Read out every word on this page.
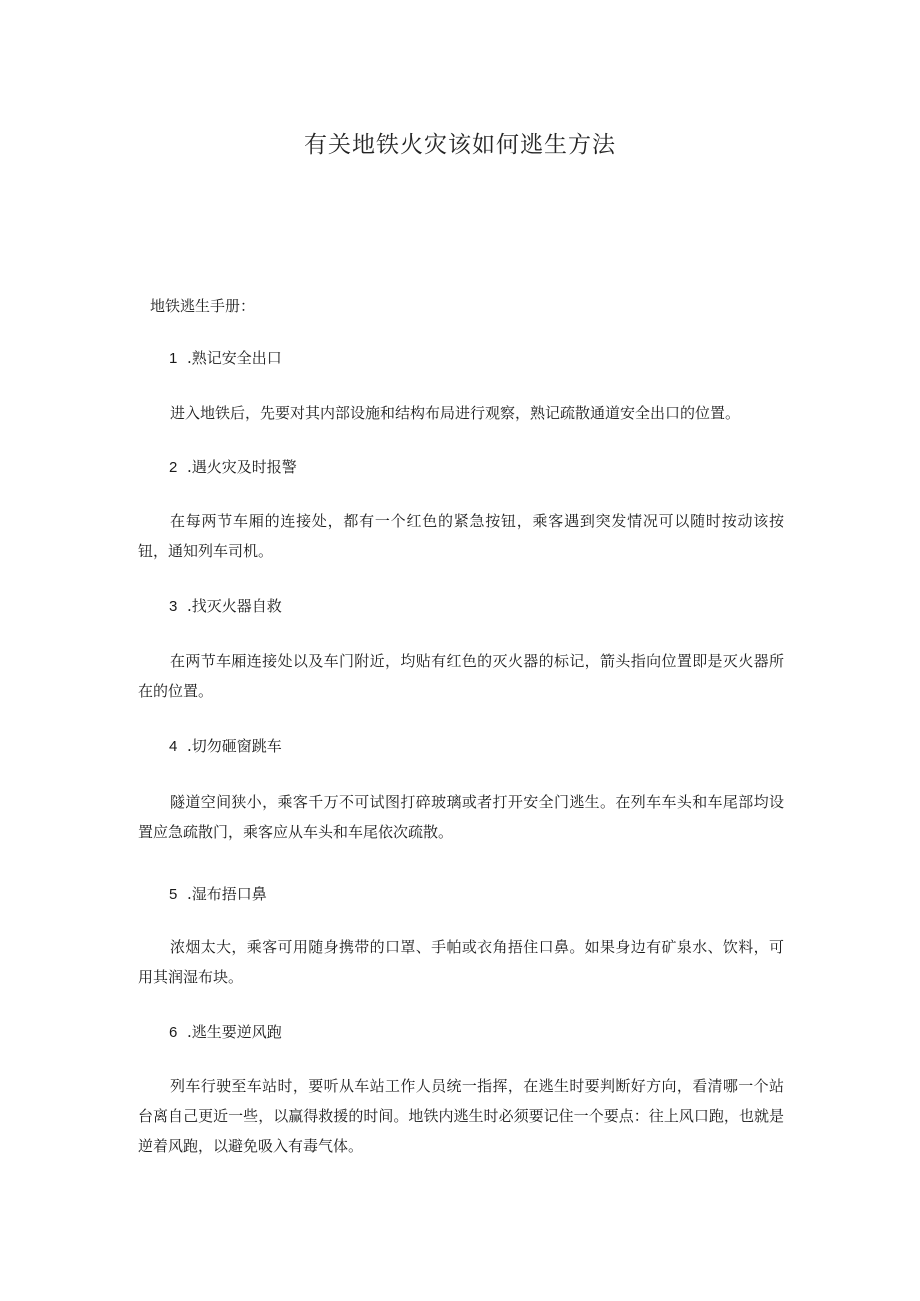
有关地铁火灾该如何逃生方法
地铁逃生手册：
1 .熟记安全出口
进入地铁后，先要对其内部设施和结构布局进行观察，熟记疏散通道安全出口的位置。
2 .遇火灾及时报警
在每两节车厢的连接处，都有一个红色的紧急按钮，乘客遇到突发情况可以随时按动该按钮，通知列车司机。
3 .找灭火器自救
在两节车厢连接处以及车门附近，均贴有红色的灭火器的标记，箭头指向位置即是灭火器所在的位置。
4 .切勿砸窗跳车
隧道空间狭小，乘客千万不可试图打碎玻璃或者打开安全门逃生。在列车车头和车尾部均设置应急疏散门，乘客应从车头和车尾依次疏散。
5 .湿布捂口鼻
浓烟太大，乘客可用随身携带的口罩、手帕或衣角捂住口鼻。如果身边有矿泉水、饮料，可用其润湿布块。
6 .逃生要逆风跑
列车行驶至车站时，要听从车站工作人员统一指挥，在逃生时要判断好方向，看清哪一个站台离自己更近一些，以赢得救援的时间。地铁内逃生时必须要记住一个要点：往上风口跑，也就是逆着风跑，以避免吸入有毒气体。
